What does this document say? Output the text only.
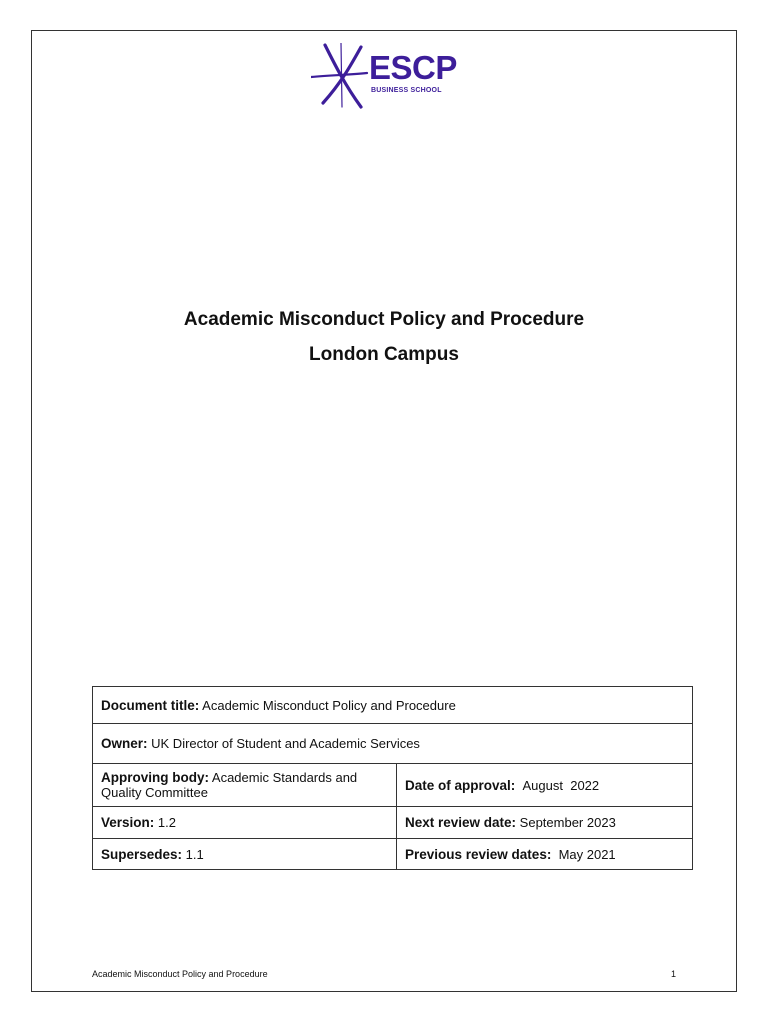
ESCP
BUSINESS SCHOOL
Academic Misconduct Policy and Procedure
London Campus
Document title: Academic Misconduct Policy and Procedure	
Owner: UK Director of Student and Academic Services	
Approving body: Academic Standards and Quality Committee	Date of approval: August  2022
Version: 1.2	Next review date: September 2023
Supersedes: 1.1	Previous review dates: May 2021
Academic Misconduct Policy and Procedure	1
